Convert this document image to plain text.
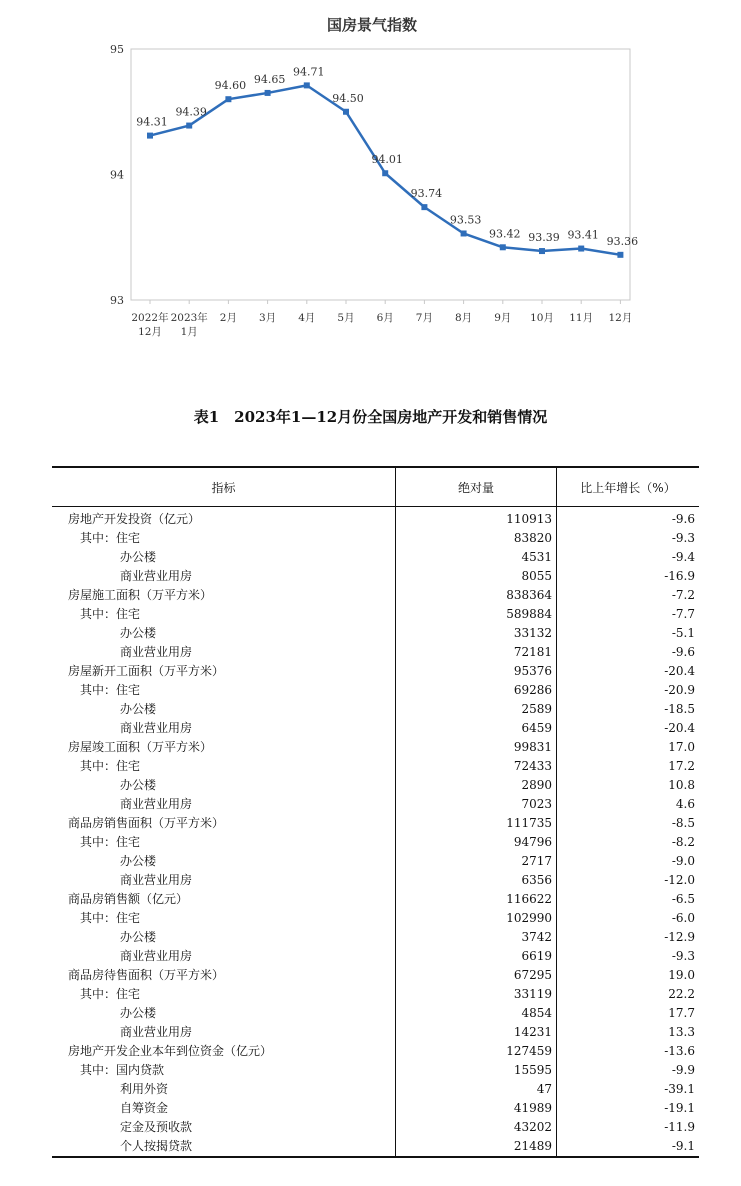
国房景气指数
93
94
95
2022年
12月
2023年
1月
2月 3月 4月 5月 6月 7月 8月 9月 10月 11月 12月
94.31
94.39
94.60 94.65
94.71
94.50
94.01
93.74
93.53
93.42 93.39 93.41 93.36
表1　2023年1—12月份全国房地产开发和销售情况
指标	绝对量	比上年增长（%）
房地产开发投资（亿元）	110913	-9.6
其中：住宅	83820	-9.3
办公楼	4531	-9.4
商业营业用房	8055	-16.9
房屋施工面积（万平方米）	838364	-7.2
其中：住宅	589884	-7.7
办公楼	33132	-5.1
商业营业用房	72181	-9.6
房屋新开工面积（万平方米）	95376	-20.4
其中：住宅	69286	-20.9
办公楼	2589	-18.5
商业营业用房	6459	-20.4
房屋竣工面积（万平方米）	99831	17.0
其中：住宅	72433	17.2
办公楼	2890	10.8
商业营业用房	7023	4.6
商品房销售面积（万平方米）	111735	-8.5
其中：住宅	94796	-8.2
办公楼	2717	-9.0
商业营业用房	6356	-12.0
商品房销售额（亿元）	116622	-6.5
其中：住宅	102990	-6.0
办公楼	3742	-12.9
商业营业用房	6619	-9.3
商品房待售面积（万平方米）	67295	19.0
其中：住宅	33119	22.2
办公楼	4854	17.7
商业营业用房	14231	13.3
房地产开发企业本年到位资金（亿元）	127459	-13.6
其中：国内贷款	15595	-9.9
利用外资	47	-39.1
自筹资金	41989	-19.1
定金及预收款	43202	-11.9
个人按揭贷款	21489	-9.1
